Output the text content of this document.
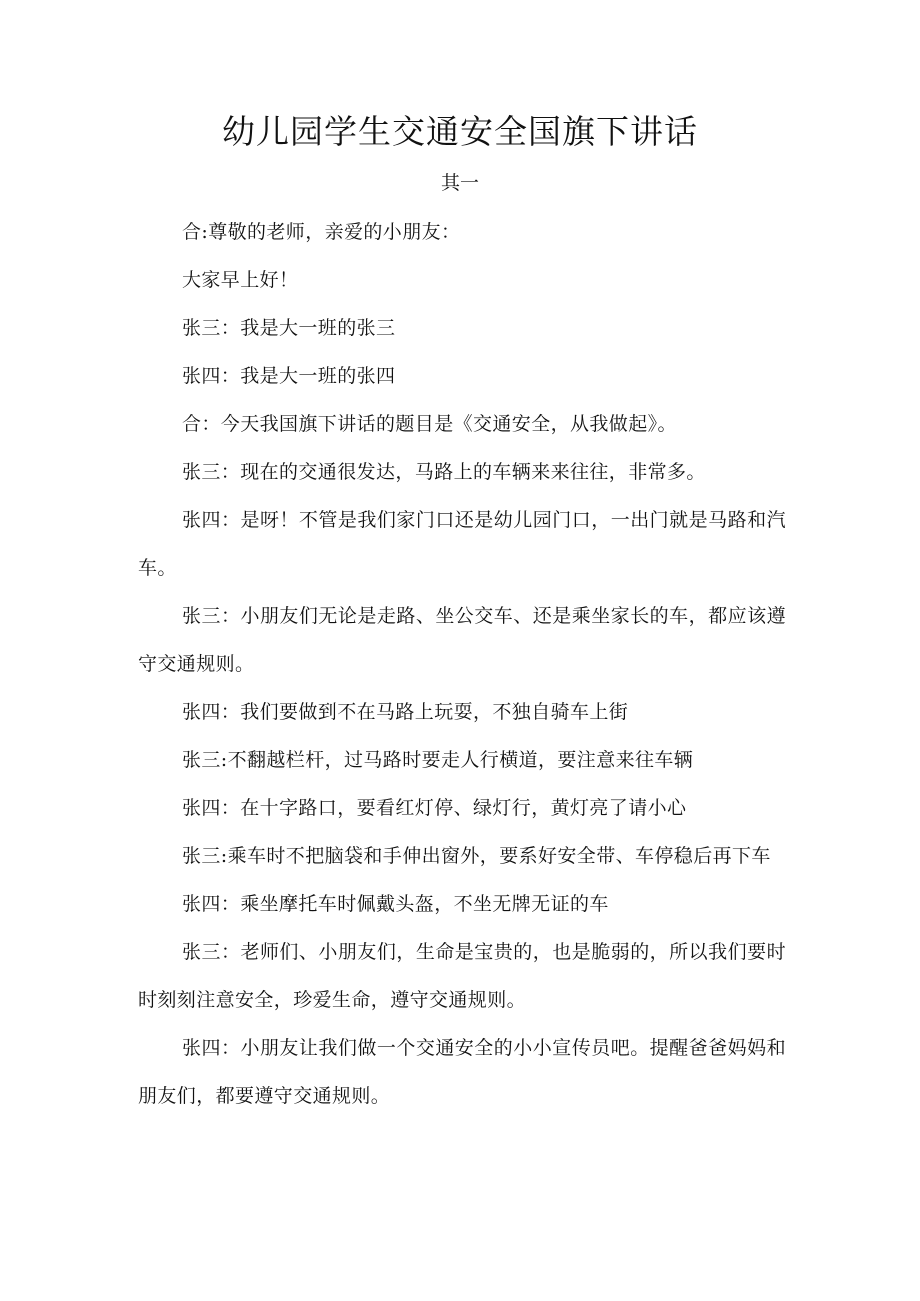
幼儿园学生交通安全国旗下讲话
其一

合:尊敬的老师，亲爱的小朋友：

大家早上好！

张三：我是大一班的张三

张四：我是大一班的张四

合：今天我国旗下讲话的题目是《交通安全，从我做起》。

张三：现在的交通很发达，马路上的车辆来来往往，非常多。

张四：是呀！不管是我们家门口还是幼儿园门口，一出门就是马路和汽车。

张三：小朋友们无论是走路、坐公交车、还是乘坐家长的车，都应该遵守交通规则。

张四：我们要做到不在马路上玩耍，不独自骑车上街

张三:不翻越栏杆，过马路时要走人行横道，要注意来往车辆

张四：在十字路口，要看红灯停、绿灯行，黄灯亮了请小心

张三:乘车时不把脑袋和手伸出窗外，要系好安全带、车停稳后再下车

张四：乘坐摩托车时佩戴头盔，不坐无牌无证的车

张三：老师们、小朋友们，生命是宝贵的，也是脆弱的，所以我们要时时刻刻注意安全，珍爱生命，遵守交通规则。

张四：小朋友让我们做一个交通安全的小小宣传员吧。提醒爸爸妈妈和朋友们，都要遵守交通规则。
